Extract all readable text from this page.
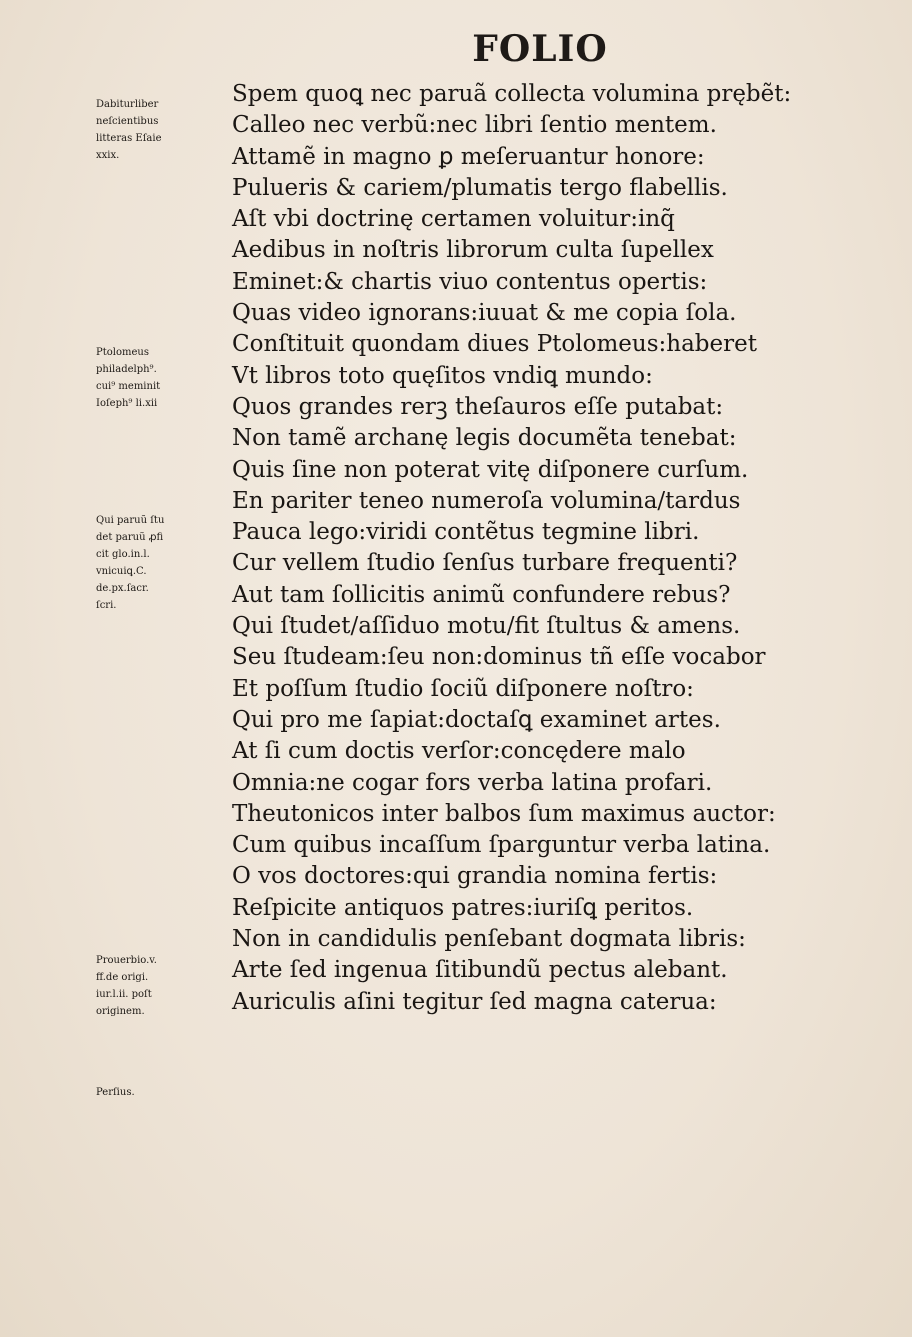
FOLIO
Dabiturliber
neſcientibus
litteras Eſaie
xxix.
Ptolomeus
philadelph⁹.
cui⁹ meminit
Ioſeph⁹ li.xii
Qui paruũ ſtu
det paruũ ꝓfi
cit glo.in.l.
vnicuiꝗ.C.
de.px.ſacr.
ſcri.
Prouerbio.v.
ff.de origi.
iur.l.ii. poſt
originem.
Perſius.
Spem quoꝗ nec paruã collecta volumina prębẽt:
Calleo nec verbũ:nec libri ſentio mentem.
Attamẽ in magno ꝑ meſeruantur honore:
Pulueris & cariem/plumatis tergo flabellis.
Aſt vbi doctrinę certamen voluitur:inq̃
Aedibus in noſtris librorum culta ſupellex
Eminet:& chartis viuo contentus opertis:
Quas video ignorans:iuuat & me copia ſola.
Conſtituit quondam diues Ptolomeus:haberet
Vt libros toto quęſitos vndiꝗ mundo:
Quos grandes rerꝫ theſauros eſſe putabat:
Non tamẽ archanę legis documẽta tenebat:
Quis ſine non poterat vitę diſponere curſum.
En pariter teneo numeroſa volumina/tardus
Pauca lego:viridi contẽtus tegmine libri.
Cur vellem ſtudio ſenſus turbare frequenti?
Aut tam ſollicitis animũ confundere rebus?
Qui ſtudet/aſſiduo motu/fit ſtultus & amens.
Seu ſtudeam:ſeu non:dominus tñ eſſe vocabor
Et poſſum ſtudio ſociũ diſponere noſtro:
Qui pro me ſapiat:doctaſꝗ examinet artes.
At ſi cum doctis verſor:concędere malo
Omnia:ne cogar fors verba latina profari.
Theutonicos inter balbos ſum maximus auctor:
Cum quibus incaſſum ſparguntur verba latina.
O vos doctores:qui grandia nomina fertis:
Reſpicite antiquos patres:iuriſꝗ peritos.
Non in candidulis penſebant dogmata libris:
Arte ſed ingenua ſitibundũ pectus alebant.
Auriculis aſini tegitur ſed magna caterua:
